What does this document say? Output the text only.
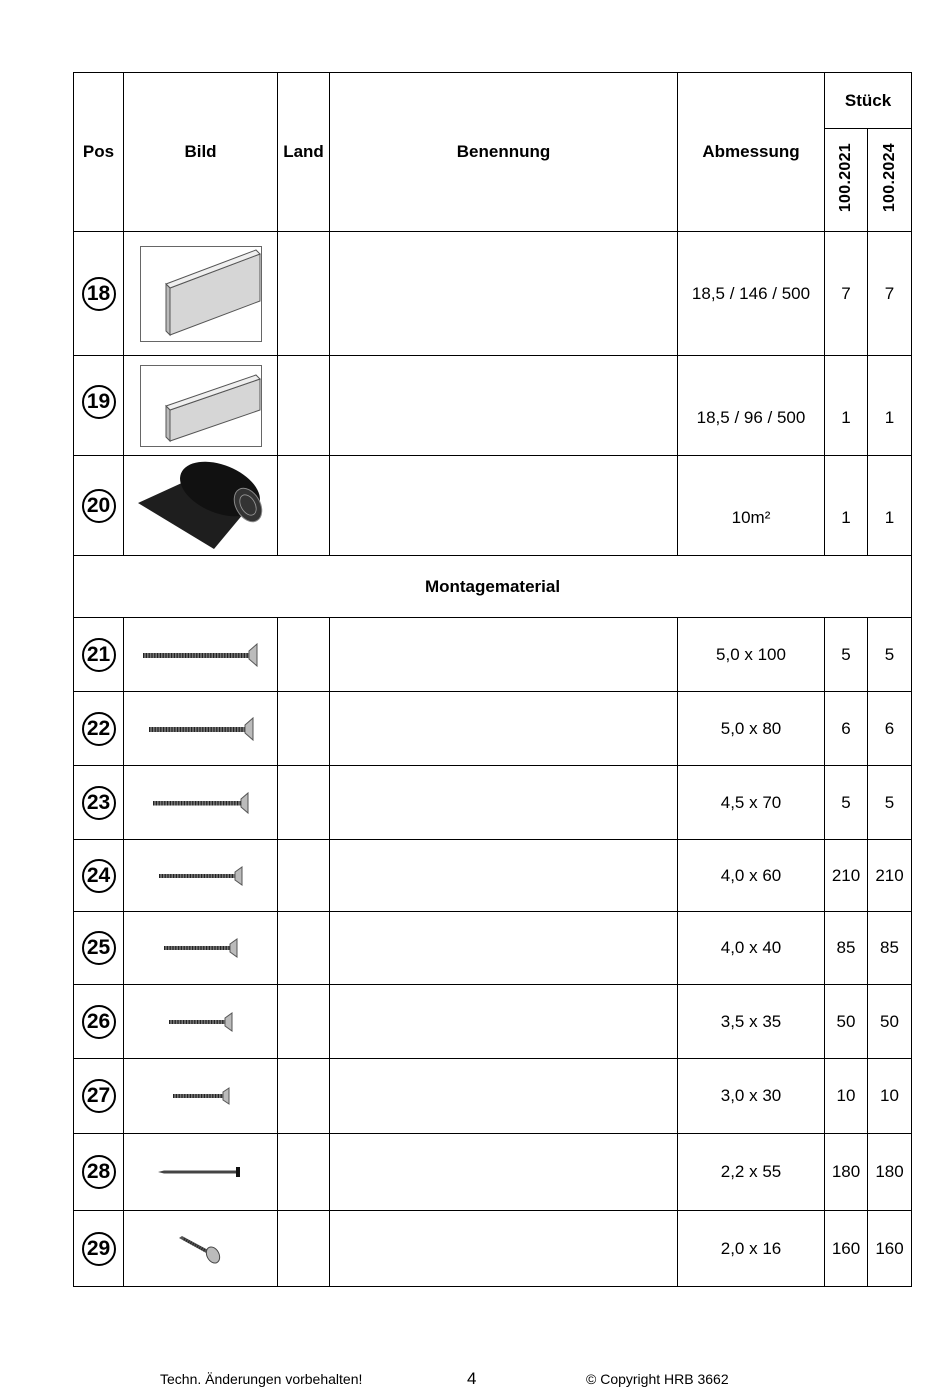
Pos	Bild	Land	Benennung	Abmessung	Stück	
					100.2021	100.2024
18				18,5 / 146 / 500	7	7
19				18,5 / 96 / 500	1	1
20				10m²	1	1
Montagematerial						
21				5,0 x 100	5	5
22				5,0 x 80	6	6
23				4,5 x 70	5	5
24				4,0 x 60	210	210
25				4,0 x 40	85	85
26				3,5 x 35	50	50
27				3,0 x 30	10	10
28				2,2 x 55	180	180
29				2,0 x 16	160	160
Techn. Änderungen vorbehalten!	4	© Copyright HRB 3662
